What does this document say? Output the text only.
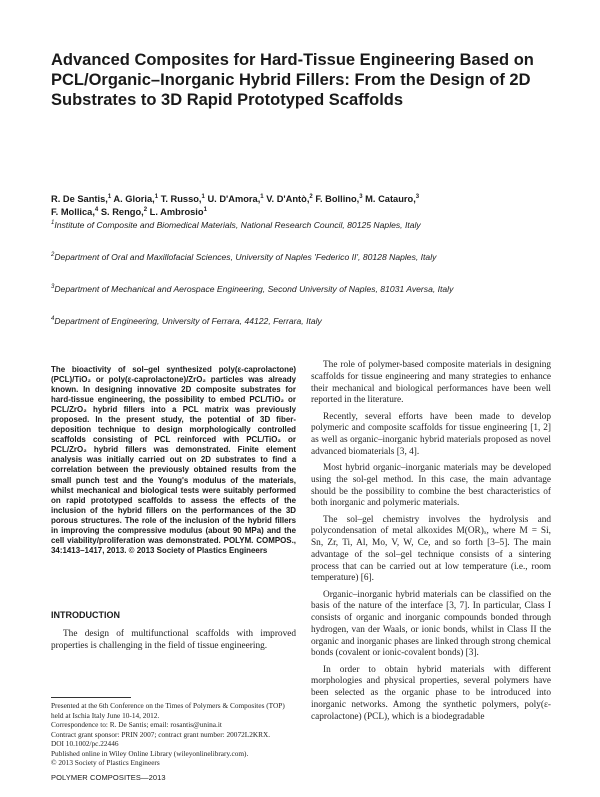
Advanced Composites for Hard-Tissue Engineering Based on PCL/Organic–Inorganic Hybrid Fillers: From the Design of 2D Substrates to 3D Rapid Prototyped Scaffolds
R. De Santis,$^1$ A. Gloria,$^1$ T. Russo,$^1$ U. D'Amora,$^1$ V. D'Antò,$^2$ F. Bollino,$^3$ M. Catauro,$^3$
F. Mollica,$^4$ S. Rengo,$^2$ L. Ambrosio$^1$
$^1$Institute of Composite and Biomedical Materials, National Research Council, 80125 Naples, Italy
$^2$Department of Oral and Maxillofacial Sciences, University of Naples 'Federico II', 80128 Naples, Italy
$^3$Department of Mechanical and Aerospace Engineering, Second University of Naples, 81031 Aversa, Italy
$^4$Department of Engineering, University of Ferrara, 44122, Ferrara, Italy

The bioactivity of sol–gel synthesized poly(ε-caprolactone) (PCL)/TiO₂ or poly(ε-caprolactone)/ZrO₂ particles was already known. In designing innovative 2D composite substrates for hard-tissue engineering, the possibility to embed PCL/TiO₂ or PCL/ZrO₂ hybrid fillers into a PCL matrix was previously proposed. In the present study, the potential of 3D fiber-deposition technique to design morphologically controlled scaffolds consisting of PCL reinforced with PCL/TiO₂ or PCL/ZrO₂ hybrid fillers was demonstrated. Finite element analysis was initially carried out on 2D substrates to find a correlation between the previously obtained results from the small punch test and the Young's modulus of the materials, whilst mechanical and biological tests were suitably performed on rapid prototyped scaffolds to assess the effects of the inclusion of the hybrid fillers on the performances of the 3D porous structures. The role of the inclusion of the hybrid fillers in improving the compressive modulus (about 90 MPa) and the cell viability/proliferation was demonstrated. POLYM. COMPOS., 34:1413–1417, 2013. © 2013 Society of Plastics Engineers

INTRODUCTION

The design of multifunctional scaffolds with improved properties is challenging in the field of tissue engineering.

Presented at the 6th Conference on the Times of Polymers & Composites (TOP) held at Ischia Italy June 10-14, 2012.
Correspondence to: R. De Santis; email: rosantis@unina.it
Contract grant sponsor: PRIN 2007; contract grant number: 20072L2KRX.
DOI 10.1002/pc.22446
Published online in Wiley Online Library (wileyonlinelibrary.com).
© 2013 Society of Plastics Engineers

The role of polymer-based composite materials in designing scaffolds for tissue engineering and many strategies to enhance their mechanical and biological performances have been well reported in the literature.

Recently, several efforts have been made to develop polymeric and composite scaffolds for tissue engineering [1, 2] as well as organic–inorganic hybrid materials proposed as novel advanced biomaterials [3, 4].

Most hybrid organic–inorganic materials may be developed using the sol-gel method. In this case, the main advantage should be the possibility to combine the best characteristics of both inorganic and polymeric materials.

The sol–gel chemistry involves the hydrolysis and polycondensation of metal alkoxides M(OR)ₓ, where M = Si, Sn, Zr, Ti, Al, Mo, V, W, Ce, and so forth [3–5]. The main advantage of the sol–gel technique consists of a sintering process that can be carried out at low temperature (i.e., room temperature) [6].

Organic–inorganic hybrid materials can be classified on the basis of the nature of the interface [3, 7]. In particular, Class I consists of organic and inorganic compounds bonded through hydrogen, van der Waals, or ionic bonds, whilst in Class II the organic and inorganic phases are linked through strong chemical bonds (covalent or ionic-covalent bonds) [3].

In order to obtain hybrid materials with different morphologies and physical properties, several polymers have been selected as the organic phase to be introduced into inorganic networks. Among the synthetic polymers, poly(ε-caprolactone) (PCL), which is a biodegradable

POLYMER COMPOSITES—2013
